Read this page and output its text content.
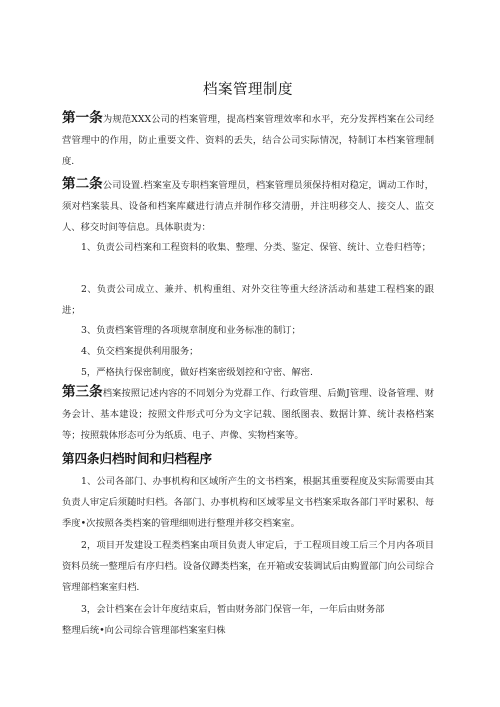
档案管理制度
第一条为规范XXX公司的档案管理，提高档案管理效率和水平，充分发挥档案在公司经营管理中的作用，防止重要文件、资料的丢失，结合公司实际情况，特制订本档案管理制度.
第二条公司设置.档案室及专职档案管理员，档案管理员须保持相对稳定，调动工作时，须对档案装具、设备和档案库藏进行清点并制作移交清册，并注明移交人、接交人、监交人、移交时间等信息。具体职责为：
1、负责公司档案和工程资料的收集、整理、分类、鉴定、保管、统计、立卷归档等；
2、负责公司成立、兼并、机构重组、对外交往等重大经济活动和基建工程档案的跟进；
3、负责档案管理的各项规章制度和业务标准的制订；
4、负交档案提供利用服务；
5，严格执行保密制度，做好档案密级划控和守密、解密.
第三条档案按照记述内容的不同划分为党群工作、行政管理、后勤J管理、设备管理、财务会计、基本建设；按照文件形式可分为文字记载、图纸图表、数据计算、统计表格档案等；按照载体形态可分为纸质、电子、声像、实物档案等。
第四条归档时间和归档程序
1、公司各部门、办事机构和区域所产生的文书档案，根据其重要程度及实际需要由其负责人审定后须随时归档。各部门、办事机构和区域零星文书档案采取各部门平时累积、每季度•次按照各类档案的管理细则进行整理并移交档案室。
2，项目开发建设工程类档案由项目负责人审定后，于工程项目竣工后三个月内各项目资料员统一整理后有序归档。设备仪蹲类档案，在开箱或安装调试后由购置部门向公司综合管理部档案室归档.
3，会计档案在会计年度结束后，暂由财务部门保管一年，一年后由财务部
整理后统•向公司综合管理部档案室归株
